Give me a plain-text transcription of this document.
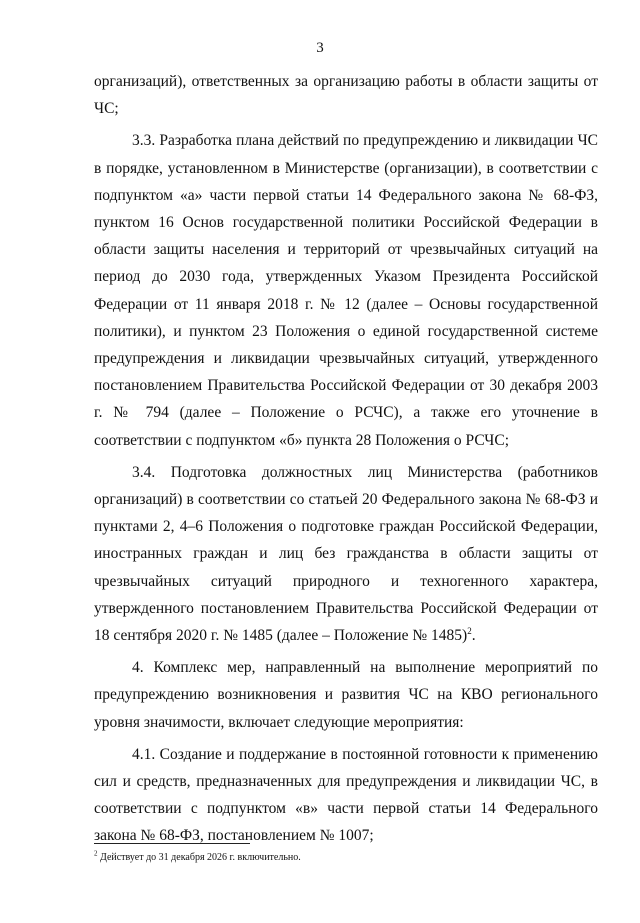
3

организаций), ответственных за организацию работы в области защиты от ЧС;

3.3. Разработка плана действий по предупреждению и ликвидации ЧС в порядке, установленном в Министерстве (организации), в соответствии с подпунктом «а» части первой статьи 14 Федерального закона № 68-ФЗ, пунктом 16 Основ государственной политики Российской Федерации в области защиты населения и территорий от чрезвычайных ситуаций на период до 2030 года, утвержденных Указом Президента Российской Федерации от 11 января 2018 г. № 12 (далее – Основы государственной политики), и пунктом 23 Положения о единой государственной системе предупреждения и ликвидации чрезвычайных ситуаций, утвержденного постановлением Правительства Российской Федерации от 30 декабря 2003 г. № 794 (далее – Положение о РСЧС), а также его уточнение в соответствии с подпунктом «б» пункта 28 Положения о РСЧС;

3.4. Подготовка должностных лиц Министерства (работников организаций) в соответствии со статьей 20 Федерального закона № 68-ФЗ и пунктами 2, 4–6 Положения о подготовке граждан Российской Федерации, иностранных граждан и лиц без гражданства в области защиты от чрезвычайных ситуаций природного и техногенного характера, утвержденного постановлением Правительства Российской Федерации от 18 сентября 2020 г. № 1485 (далее – Положение № 1485)$^2$.

4. Комплекс мер, направленный на выполнение мероприятий по предупреждению возникновения и развития ЧС на КВО регионального уровня значимости, включает следующие мероприятия:

4.1. Создание и поддержание в постоянной готовности к применению сил и средств, предназначенных для предупреждения и ликвидации ЧС, в соответствии с подпунктом «в» части первой статьи 14 Федерального закона № 68-ФЗ, постановлением № 1007;

$^2$ Действует до 31 декабря 2026 г. включительно.
